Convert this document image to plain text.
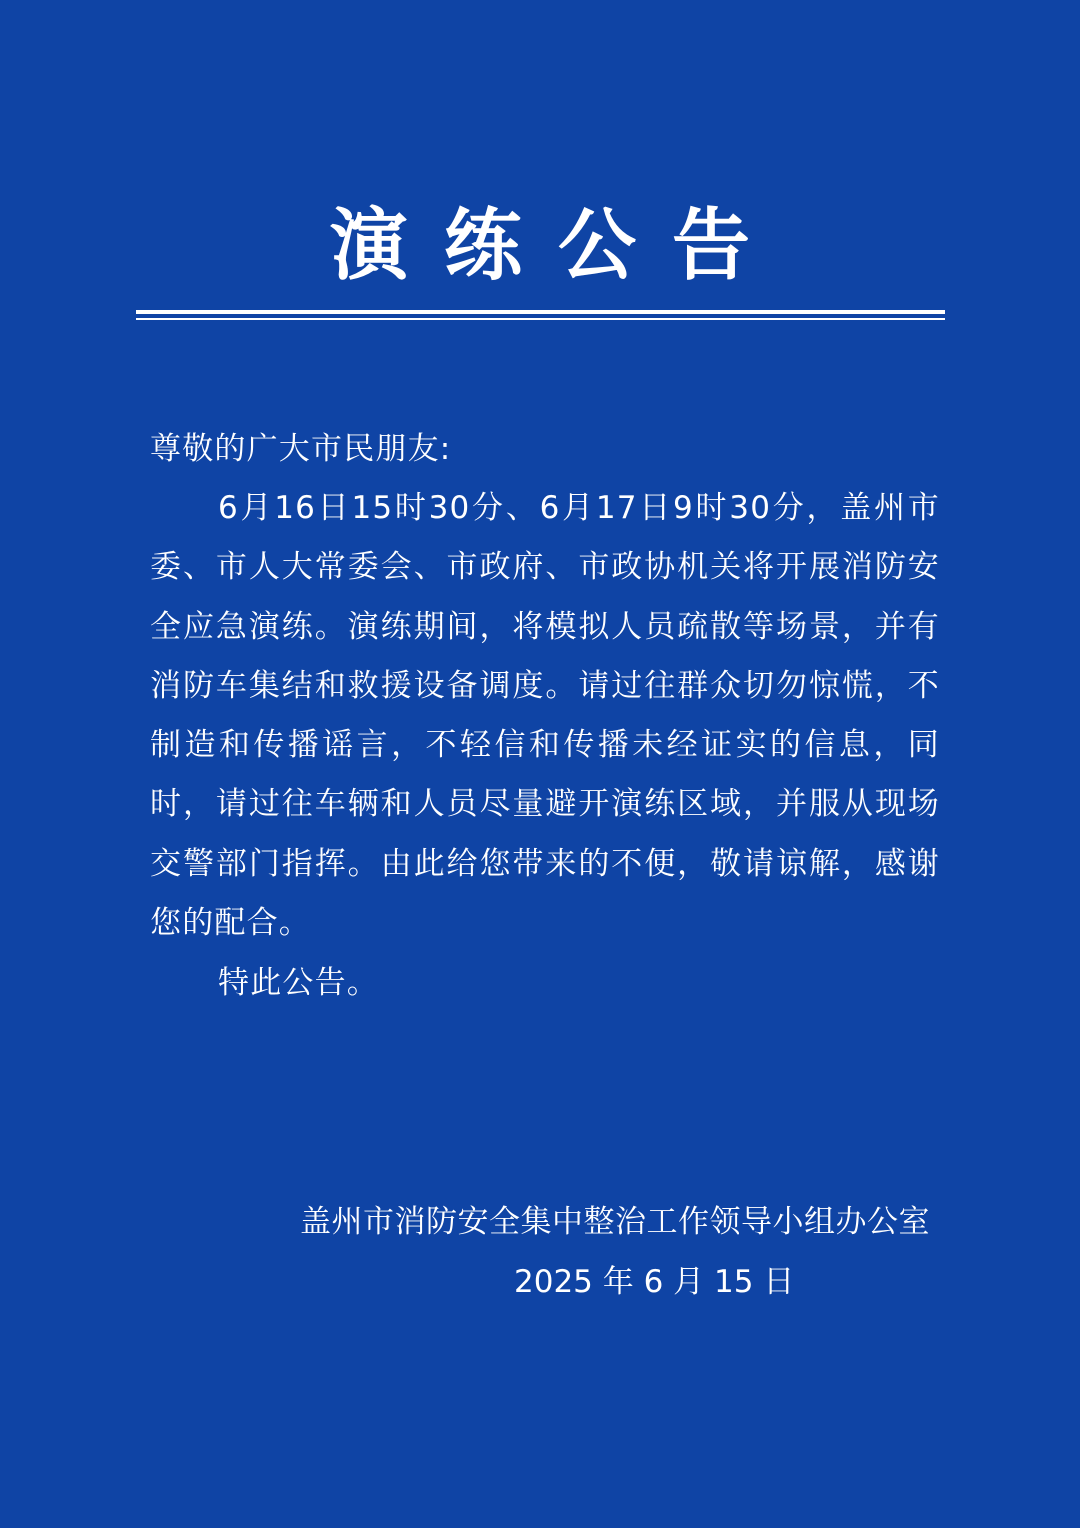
演练公告
尊敬的广大市民朋友:
6月16日15时30分、6月17日9时30分，盖州市委、市人大常委会、市政府、市政协机关将开展消防安全应急演练。演练期间，将模拟人员疏散等场景，并有消防车集结和救援设备调度。请过往群众切勿惊慌，不制造和传播谣言，不轻信和传播未经证实的信息，同时，请过往车辆和人员尽量避开演练区域，并服从现场交警部门指挥。由此给您带来的不便，敬请谅解，感谢您的配合。
特此公告。
盖州市消防安全集中整治工作领导小组办公室
2025 年 6 月 15 日
